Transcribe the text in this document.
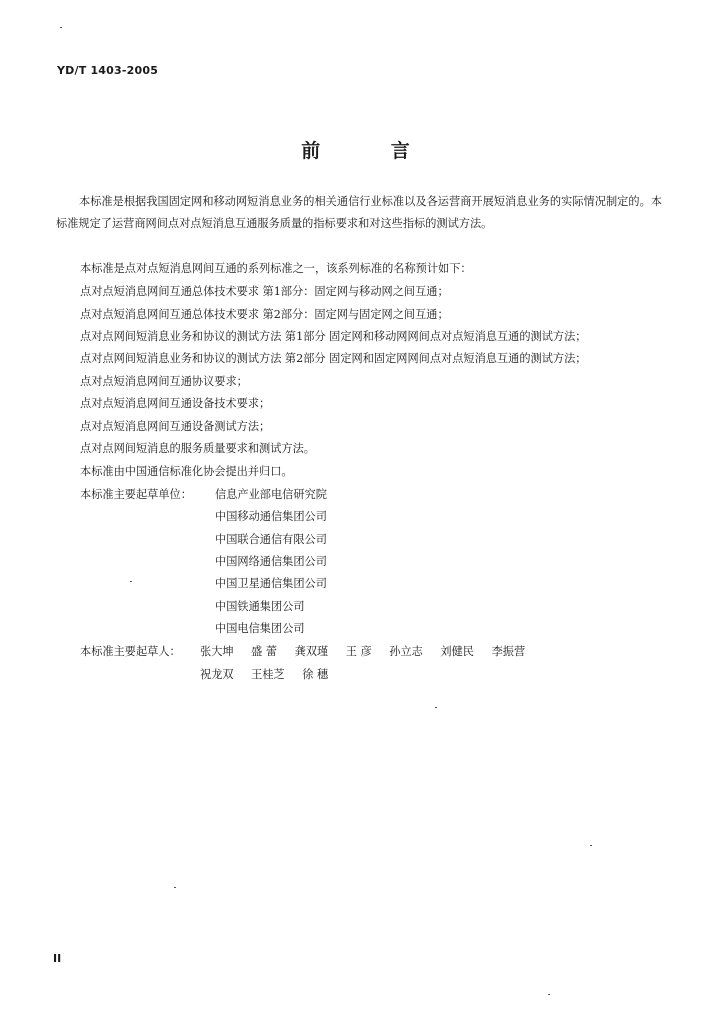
YD/T 1403-2005
前 言
本标准是根据我国固定网和移动网短消息业务的相关通信行业标准以及各运营商开展短消息业务的实际情况制定的。本标准规定了运营商网间点对点短消息互通服务质量的指标要求和对这些指标的测试方法。
本标准是点对点短消息网间互通的系列标准之一，该系列标准的名称预计如下：
点对点短消息网间互通总体技术要求 第1部分：固定网与移动网之间互通；
点对点短消息网间互通总体技术要求 第2部分：固定网与固定网之间互通；
点对点网间短消息业务和协议的测试方法 第1部分 固定网和移动网网间点对点短消息互通的测试方法；
点对点网间短消息业务和协议的测试方法 第2部分 固定网和固定网网间点对点短消息互通的测试方法；
点对点短消息网间互通协议要求；
点对点短消息网间互通设备技术要求；
点对点短消息网间互通设备测试方法；
点对点网间短消息的服务质量要求和测试方法。
本标准由中国通信标准化协会提出并归口。
本标准主要起草单位： 信息产业部电信研究院
中国移动通信集团公司
中国联合通信有限公司
中国网络通信集团公司
中国卫星通信集团公司
中国铁通集团公司
中国电信集团公司
本标准主要起草人： 张大坤 盛 蕾 龚双瑾 王 彦 孙立志 刘健民 李振营
祝龙双 王桂芝 徐 穗
II
